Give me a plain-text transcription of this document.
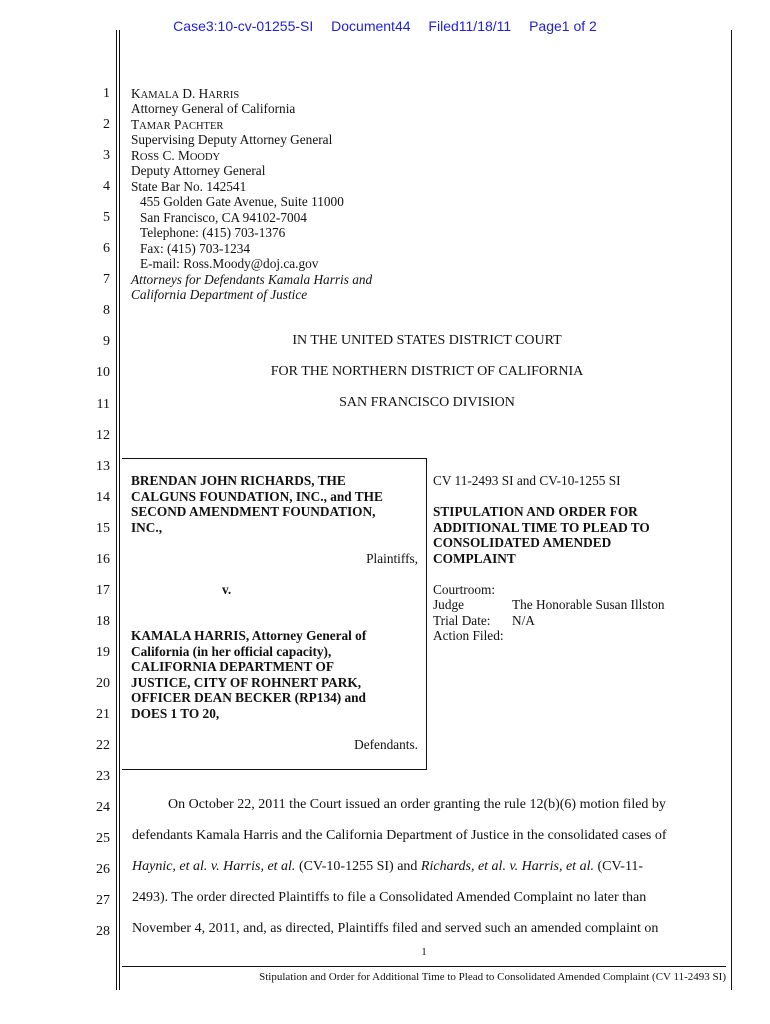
Case3:10-cv-01255-SI Document44 Filed11/18/11 Page1 of 2
1
2
3
4
5
6
7
8
9
10
11
12
13
14
15
16
17
18
19
20
21
22
23
24
25
26
27
28
KAMALA D. HARRIS
Attorney General of California
TAMAR PACHTER
Supervising Deputy Attorney General
ROSS C. MOODY
Deputy Attorney General
State Bar No. 142541
455 Golden Gate Avenue, Suite 11000
San Francisco, CA 94102-7004
Telephone: (415) 703-1376
Fax: (415) 703-1234
E-mail: Ross.Moody@doj.ca.gov
Attorneys for Defendants Kamala Harris and
California Department of Justice
IN THE UNITED STATES DISTRICT COURT
FOR THE NORTHERN DISTRICT OF CALIFORNIA
SAN FRANCISCO DIVISION
BRENDAN JOHN RICHARDS, THE
CALGUNS FOUNDATION, INC., and THE
SECOND AMENDMENT FOUNDATION,
INC.,
Plaintiffs,
v.
KAMALA HARRIS, Attorney General of
California (in her official capacity),
CALIFORNIA DEPARTMENT OF
JUSTICE, CITY OF ROHNERT PARK,
OFFICER DEAN BECKER (RP134) and
DOES 1 TO 20,
Defendants.
CV 11-2493 SI and CV-10-1255 SI
STIPULATION AND ORDER FOR
ADDITIONAL TIME TO PLEAD TO
CONSOLIDATED AMENDED
COMPLAINT
Courtroom:
Judge	The Honorable Susan Illston
Trial Date: N/A
Action Filed:
On October 22, 2011 the Court issued an order granting the rule 12(b)(6) motion filed by
defendants Kamala Harris and the California Department of Justice in the consolidated cases of
Haynic, et al. v. Harris, et al. (CV-10-1255 SI) and Richards, et al. v. Harris, et al. (CV-11-
2493). The order directed Plaintiffs to file a Consolidated Amended Complaint no later than
November 4, 2011, and, as directed, Plaintiffs filed and served such an amended complaint on
1
Stipulation and Order for Additional Time to Plead to Consolidated Amended Complaint (CV 11-2493 SI)
